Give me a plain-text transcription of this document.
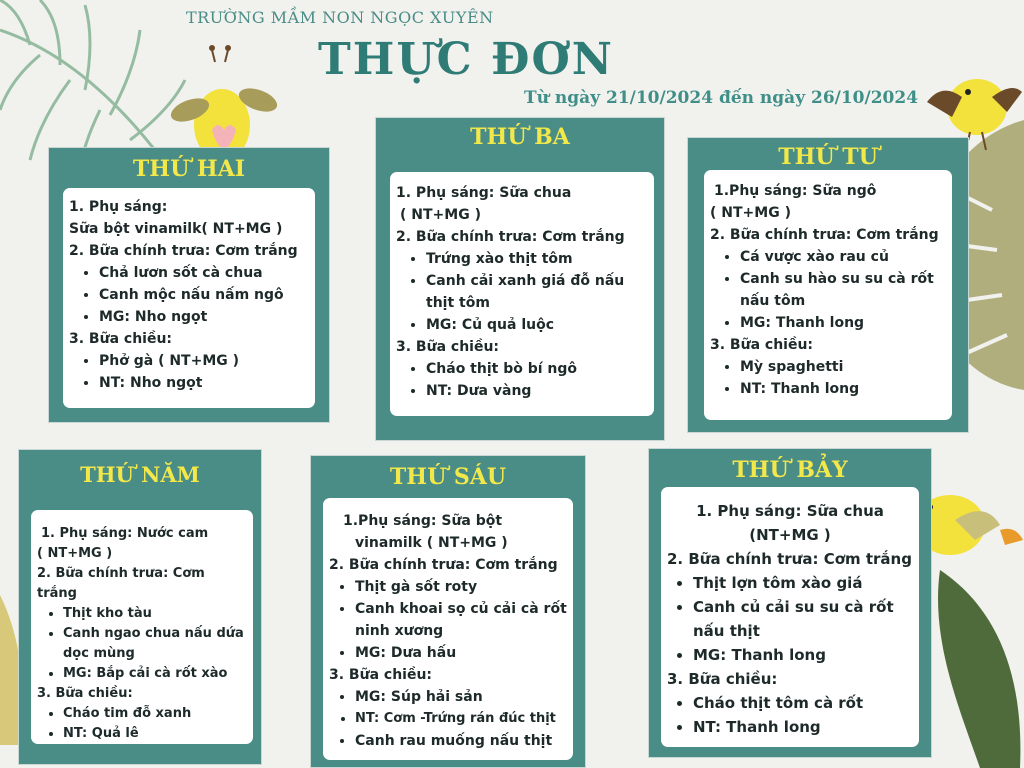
TRƯỜNG MẦM NON NGỌC XUYÊN

THỰC ĐƠN

Từ ngày 21/10/2024 đến ngày 26/10/2024

THỨ HAI

1. Phụ sáng:

Sữa bột vinamilk( NT+MG )

2. Bữa chính trưa: Cơm trắng

• Chả lươn sốt cà chua
• Canh mộc nấu nấm ngô
• MG: Nho ngọt

3. Bữa chiều:

• Phở gà ( NT+MG )
• NT: Nho ngọt
THỨ BA

1. Phụ sáng: Sữa chua

( NT+MG )

2. Bữa chính trưa: Cơm trắng

• Trứng xào thịt tôm
• Canh cải xanh giá đỗ nấu thịt tôm
• MG: Củ quả luộc

3. Bữa chiều:

• Cháo thịt bò bí ngô
• NT: Dưa vàng
THỨ TƯ

1.Phụ sáng: Sữa ngô

( NT+MG )

2. Bữa chính trưa: Cơm trắng

• Cá vược xào rau củ
• Canh su hào su su cà rốt nấu tôm
• MG: Thanh long

3. Bữa chiều:

• Mỳ spaghetti
• NT: Thanh long
THỨ NĂM

1. Phụ sáng: Nước cam

( NT+MG )

2. Bữa chính trưa: Cơm trắng

• Thịt kho tàu
• Canh ngao chua nấu dứa dọc mùng
• MG: Bắp cải cà rốt xào

3. Bữa chiều:

• Cháo tim đỗ xanh
• NT: Quả lê
THỨ SÁU

1.Phụ sáng: Sữa bột

vinamilk ( NT+MG )

2. Bữa chính trưa: Cơm trắng

• Thịt gà sốt roty
• Canh khoai sọ củ cải cà rốt ninh xương
• MG: Dưa hấu

3. Bữa chiều:

• MG: Súp hải sản
• NT: Cơm -Trứng rán đúc thịt
• Canh rau muống nấu thịt
THỨ BẢY

1. Phụ sáng: Sữa chua

(NT+MG )

2. Bữa chính trưa: Cơm trắng

• Thịt lợn tôm xào giá
• Canh củ cải su su cà rốt nấu thịt
• MG: Thanh long

3. Bữa chiều:

• Cháo thịt tôm cà rốt
• NT: Thanh long
